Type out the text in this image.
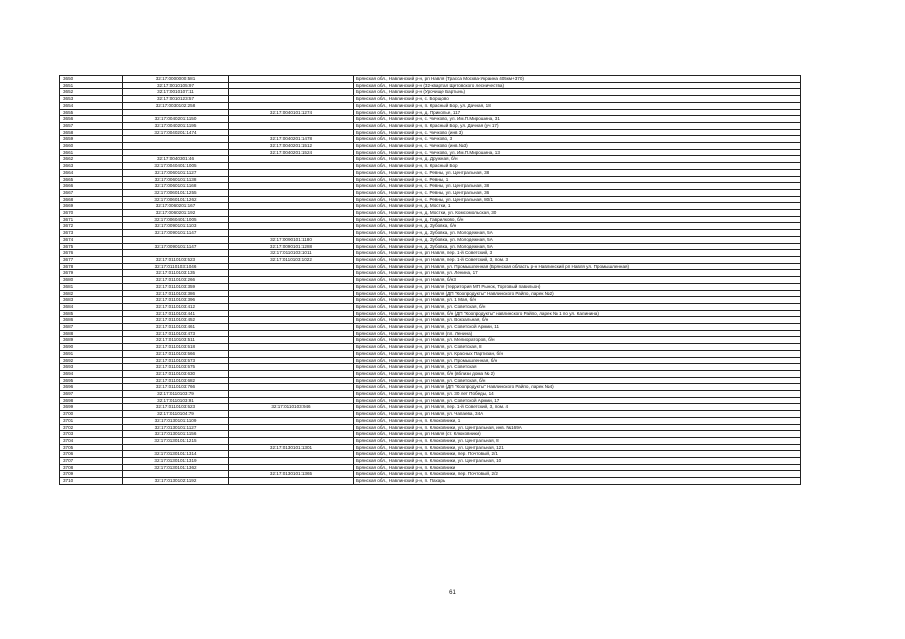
3650	32:17:0000000:581		Брянская обл., Навлинский р-н, рп Навля (Трасса Москва-Украина 405км+370)
3651	32:17:0010105:97		Брянская обл., Навлинский р-н (32-квартал Щетовского лесничества)
3652	32:17:0010107:11		Брянская обл., Навлинский р-н (Урочище Бартынь)
3653	32:17:0010123:57		Брянская обл., Навлинский р-н, с. Борщово
3654	32:17:0030102:258		Брянская обл., Навлинский р-н, п. Красный Бор, ул. Дачная, 18
3655		32:17:0040101:1274	Брянская обл., Навлинский р-н, д. Прикопье, 117
3656	32:17:0040201:1150		Брянская обл., Навлинский р-н, с. Чичково, ул. Им.П.Мирошина, 31
3657	32:17:0040201:1195		Брянская обл., Навлинский р-н, п. Красный Бор, ул. Дачная (уч 17)
3658	32:17:0040201:1474		Брянская обл., Навлинский р-н, с. Чичково (инв 3)
3659		32:17:0040201:1478	Брянская обл., Навлинский р-н, с. Чичково, 3
3660		32:17:0040201:1512	Брянская обл., Навлинский р-н, с. Чичково (инв.№3)
3661		32:17:0040201:1524	Брянская обл., Навлинский р-н, с. Чичково, ул. Им.П.Мирошина, 13
3662	32:17:0040301:46		Брянская обл., Навлинский р-н, д. Дружная, б/н
3663	32:17:0040401:1005		Брянская обл., Навлинский р-н, п. Красный Бор
3664	32:17:0060101:1127		Брянская обл., Навлинский р-н, с. Ревны, ул. Центральная, 38
3665	32:17:0060101:1138		Брянская обл., Навлинский р-н, с. Ревны, 1
3666	32:17:0060101:1168		Брянская обл., Навлинский р-н, с. Ревны, ул. Центральная, 38
3667	32:17:0060101:1255		Брянская обл., Навлинский р-н, с. Ревны, ул. Центральная, 36
3668	32:17:0060101:1262		Брянская обл., Навлинский р-н, с. Ревны, ул. Центральная, 80/1
3669	32:17:0060201:167		Брянская обл., Навлинский р-н, д. Мостки, 1
3670	32:17:0060201:192		Брянская обл., Навлинский р-н, д. Мостки, ул. Комсомольская, 30
3671	32:17:0060401:1005		Брянская обл., Навлинский р-н, д. Гаврилково, б/н
3672	32:17:0090101:1103		Брянская обл., Навлинский р-н, д. Зубовка, б/н
3673	32:17:0090101:1147		Брянская обл., Навлинский р-н, д. Зубовка, ул. Молодежная, 5А
3674		32:17:0090101:1180	Брянская обл., Навлинский р-н, д. Зубовка, ул. Молодежная, 5А
3675	32:17:0090101:1147	32:17:0090101:1288	Брянская обл., Навлинский р-н, д. Зубовка, ул. Молодежная, 5А
3676		32:17:0110103:1011	Брянская обл., Навлинский р-н, рп Навля, пер. 1-й Советский, 3
3677	32:17:0110103:523	32:17:0110103:1022	Брянская обл., Навлинский р-н, рп Навля, пер. 1-й Советский, 3, пом. 3
3678	32:17:0110103:1046		Брянская обл., Навлинский р-н, рп Навля, ул. Промышленная (Брянская область р-н Навлинский рп Навля ул. Промышленная)
3679	32:17:0110103:135		Брянская обл., Навлинский р-н, рп Навля, ул. Ленина, 17
3680	32:17:0110103:266		Брянская обл., Навлинский р-н, рп Навля, б/н3
3681	32:17:0110103:359		Брянская обл., Навлинский р-н, рп Навля (территория МП Рынок, Торговый павильон)
3682	32:17:0110103:386		Брянская обл., Навлинский р-н, рп Навля (ДП "Коопродукты" Навлинского Райпо, ларек №2)
3683	32:17:0110103:396		Брянская обл., Навлинский р-н, рп Навля, ул. 1 Мая, б/н
3684	32:17:0110103:412		Брянская обл., Навлинский р-н, рп Навля, ул. Советская, б/н
3685	32:17:0110103:441		Брянская обл., Навлинский р-н, рп Навля, б/н (ДП "Коопродукты" навлинского Райпо, ларек № 1 по ул. Калинина)
3686	32:17:0110103:452		Брянская обл., Навлинский р-н, рп Навля, ул. Вокзальная, б/н
3687	32:17:0110103:461		Брянская обл., Навлинский р-н, рп Навля, ул. Советской Армии, 11
3688	32:17:0110103:473		Брянская обл., Навлинский р-н, рп Навля (пл. Ленина)
3689	32:17:0110103:511		Брянская обл., Навлинский р-н, рп Навля, ул. Мелиораторов, б/н
3690	32:17:0110103:518		Брянская обл., Навлинский р-н, рп Навля, ул. Советская, 8
3691	32:17:0110103:566		Брянская обл., Навлинский р-н, рп Навля, ул. Красных Партизан, б/н
3692	32:17:0110103:573		Брянская обл., Навлинский р-н, рп Навля, ул. Промышленная, б/н
3693	32:17:0110103:575		Брянская обл., Навлинский р-н, рп Навля, ул. Советская
3694	32:17:0110103:630		Брянская обл., Навлинский р-н, рп Навля, б/н (вблизи дома № 2)
3695	32:17:0110103:682		Брянская обл., Навлинский р-н, рп Навля, ул. Советская, б/н
3696	32:17:0110103:766		Брянская обл., Навлинский р-н, рп Навля (ДП "Коопродукты" Навлинского Райпо, ларек №4)
3697	32:17:0110103:79		Брянская обл., Навлинский р-н, рп Навля, ул. 30 лет Победы, 14
3698	32:17:0110103:91		Брянская обл., Навлинский р-н, рп Навля, ул. Советской Армии, 17
3699	32:17:0110103:523	32:17:0110103:946	Брянская обл., Навлинский р-н, рп Навля, пер. 1-й Советский, 3, пом. 4
3700	32:17:0110104:79		Брянская обл., Навлинский р-н, рп Навля, ул. Чапаева, 34А
3701	32:17:0130101:1109		Брянская обл., Навлинский р-н, п. Клюковники, 1
3702	32:17:0130101:1127		Брянская обл., Навлинский р-н, п. Клюковники, ул. Центральная, инв. №169А
3703	32:17:0130101:1156		Брянская обл., Навлинский р-н, рп Навля (ст. Клюковники)
3704	32:17:0130101:1215		Брянская обл., Навлинский р-н, п. Клюковники, ул. Центральная, 8
3705		32:17:0130101:1301	Брянская обл., Навлинский р-н, п. Клюковники, ул. Центральная, 121
3706	32:17:0130101:1314		Брянская обл., Навлинский р-н, п. Клюковники, пер. Почтовый, 2/1
3707	32:17:0130101:1319		Брянская обл., Навлинский р-н, п. Клюковники, ул. Центральная, 10
3708	32:17:0130101:1362		Брянская обл., Навлинский р-н, п. Клюковники
3709		32:17:0130101:1365	Брянская обл., Навлинский р-н, п. Клюковники, пер. Почтовый, 2/2
3710	32:17:0130102:1192		Брянская обл., Навлинский р-н, п. Пахарь
61
